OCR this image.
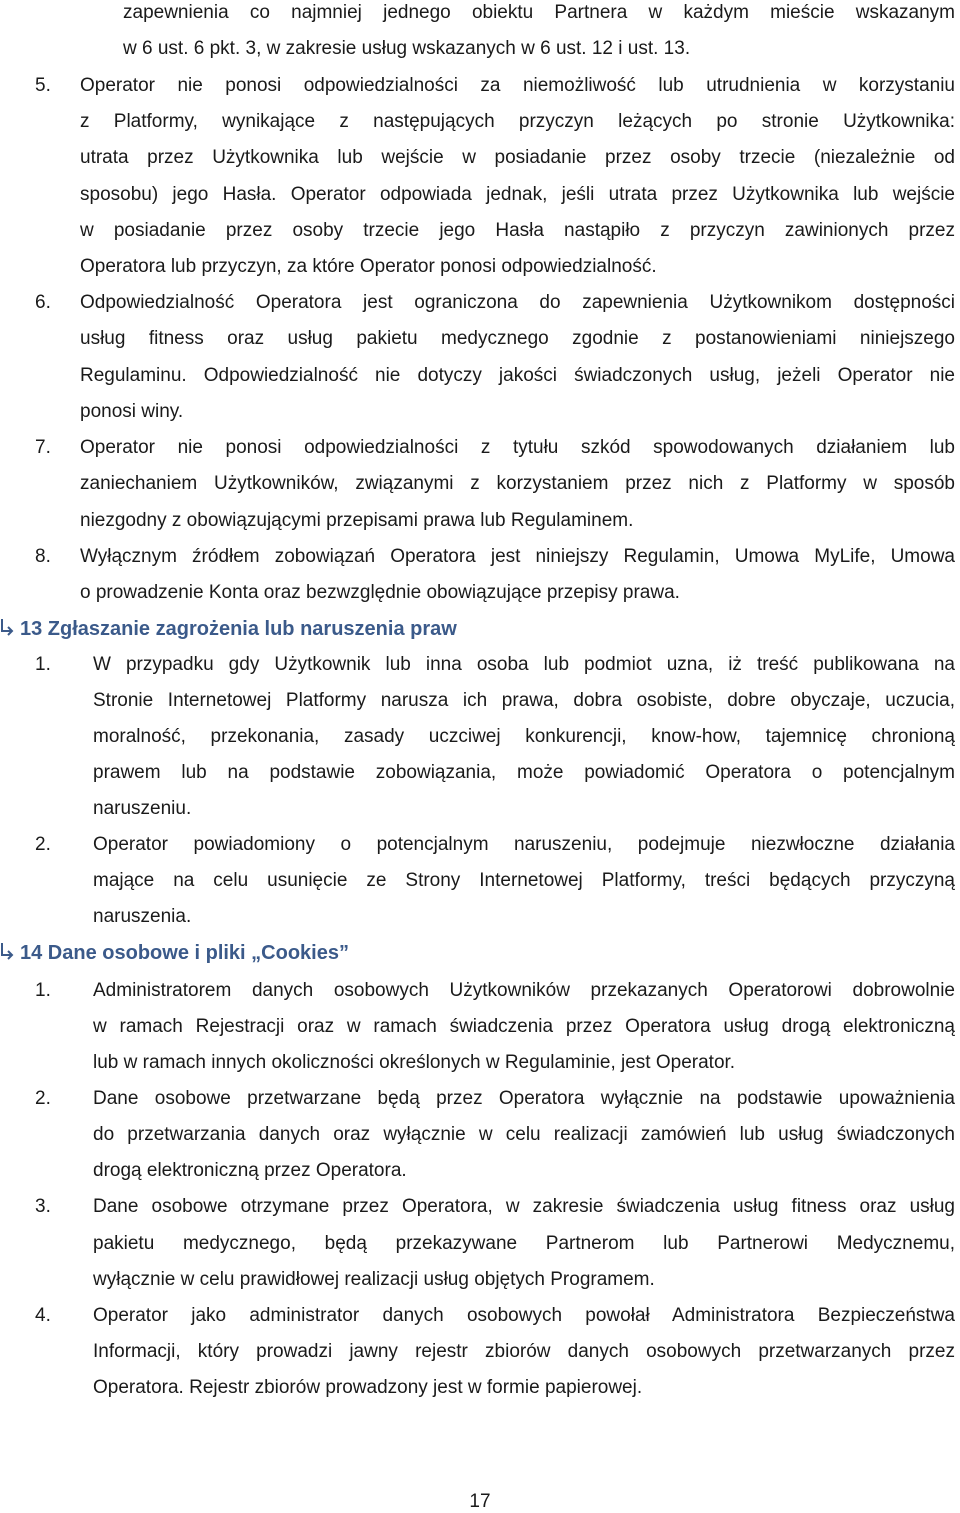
zapewnienia co najmniej jednego obiektu Partnera w każdym mieście wskazanym
w 6 ust. 6 pkt. 3, w zakresie usług wskazanych w 6 ust. 12 i ust. 13.
5. Operator nie ponosi odpowiedzialności za niemożliwość lub utrudnienia w korzystaniu
z Platformy, wynikające z następujących przyczyn leżących po stronie Użytkownika:
utrata przez Użytkownika lub wejście w posiadanie przez osoby trzecie (niezależnie od
sposobu) jego Hasła. Operator odpowiada jednak, jeśli utrata przez Użytkownika lub wejście
w posiadanie przez osoby trzecie jego Hasła nastąpiło z przyczyn zawinionych przez
Operatora lub przyczyn, za które Operator ponosi odpowiedzialność.
6. Odpowiedzialność Operatora jest ograniczona do zapewnienia Użytkownikom dostępności
usług fitness oraz usług pakietu medycznego zgodnie z postanowieniami niniejszego
Regulaminu. Odpowiedzialność nie dotyczy jakości świadczonych usług, jeżeli Operator nie
ponosi winy.
7. Operator nie ponosi odpowiedzialności z tytułu szkód spowodowanych działaniem lub
zaniechaniem Użytkowników, związanymi z korzystaniem przez nich z Platformy w sposób
niezgodny z obowiązującymi przepisami prawa lub Regulaminem.
8. Wyłącznym źródłem zobowiązań Operatora jest niniejszy Regulamin, Umowa MyLife, Umowa
o prowadzenie Konta oraz bezwzględnie obowiązujące przepisy prawa.
13 Zgłaszanie zagrożenia lub naruszenia praw
1. W przypadku gdy Użytkownik lub inna osoba lub podmiot uzna, iż treść publikowana na
Stronie Internetowej Platformy narusza ich prawa, dobra osobiste, dobre obyczaje, uczucia,
moralność, przekonania, zasady uczciwej konkurencji, know-how, tajemnicę chronioną
prawem lub na podstawie zobowiązania, może powiadomić Operatora o potencjalnym
naruszeniu.
2. Operator powiadomiony o potencjalnym naruszeniu, podejmuje niezwłoczne działania
mające na celu usunięcie ze Strony Internetowej Platformy, treści będących przyczyną
naruszenia.
14 Dane osobowe i pliki „Cookies”
1. Administratorem danych osobowych Użytkowników przekazanych Operatorowi dobrowolnie
w ramach Rejestracji oraz w ramach świadczenia przez Operatora usług drogą elektroniczną
lub w ramach innych okoliczności określonych w Regulaminie, jest Operator.
2. Dane osobowe przetwarzane będą przez Operatora wyłącznie na podstawie upoważnienia
do przetwarzania danych oraz wyłącznie w celu realizacji zamówień lub usług świadczonych
drogą elektroniczną przez Operatora.
3. Dane osobowe otrzymane przez Operatora, w zakresie świadczenia usług fitness oraz usług
pakietu medycznego, będą przekazywane Partnerom lub Partnerowi Medycznemu,
wyłącznie w celu prawidłowej realizacji usług objętych Programem.
4. Operator jako administrator danych osobowych powołał Administratora Bezpieczeństwa
Informacji, który prowadzi jawny rejestr zbiorów danych osobowych przetwarzanych przez
Operatora. Rejestr zbiorów prowadzony jest w formie papierowej.
17
